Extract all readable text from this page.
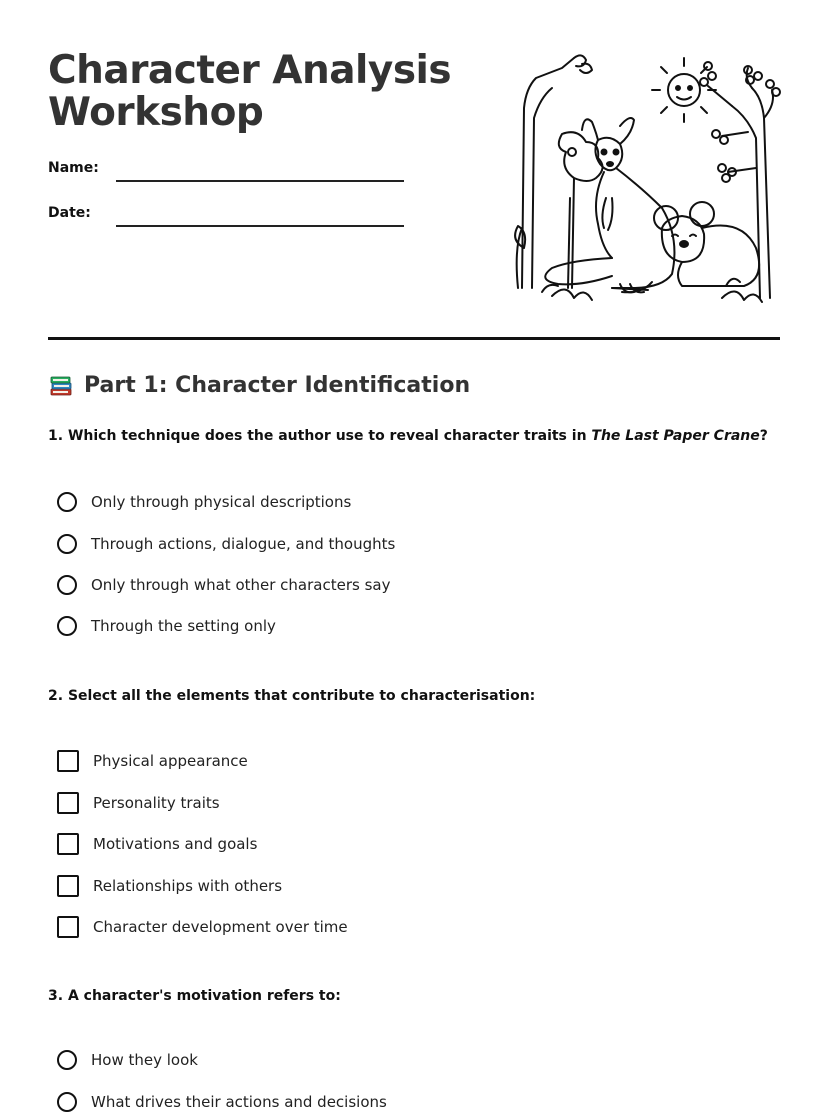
Character Analysis Workshop
Name:
Date:
Part 1: Character Identification

1. Which technique does the author use to reveal character traits in The Last Paper Crane?

Only through physical descriptions
Through actions, dialogue, and thoughts
Only through what other characters say
Through the setting only

2. Select all the elements that contribute to characterisation:

Physical appearance
Personality traits
Motivations and goals
Relationships with others
Character development over time

3. A character's motivation refers to:

How they look
What drives their actions and decisions
